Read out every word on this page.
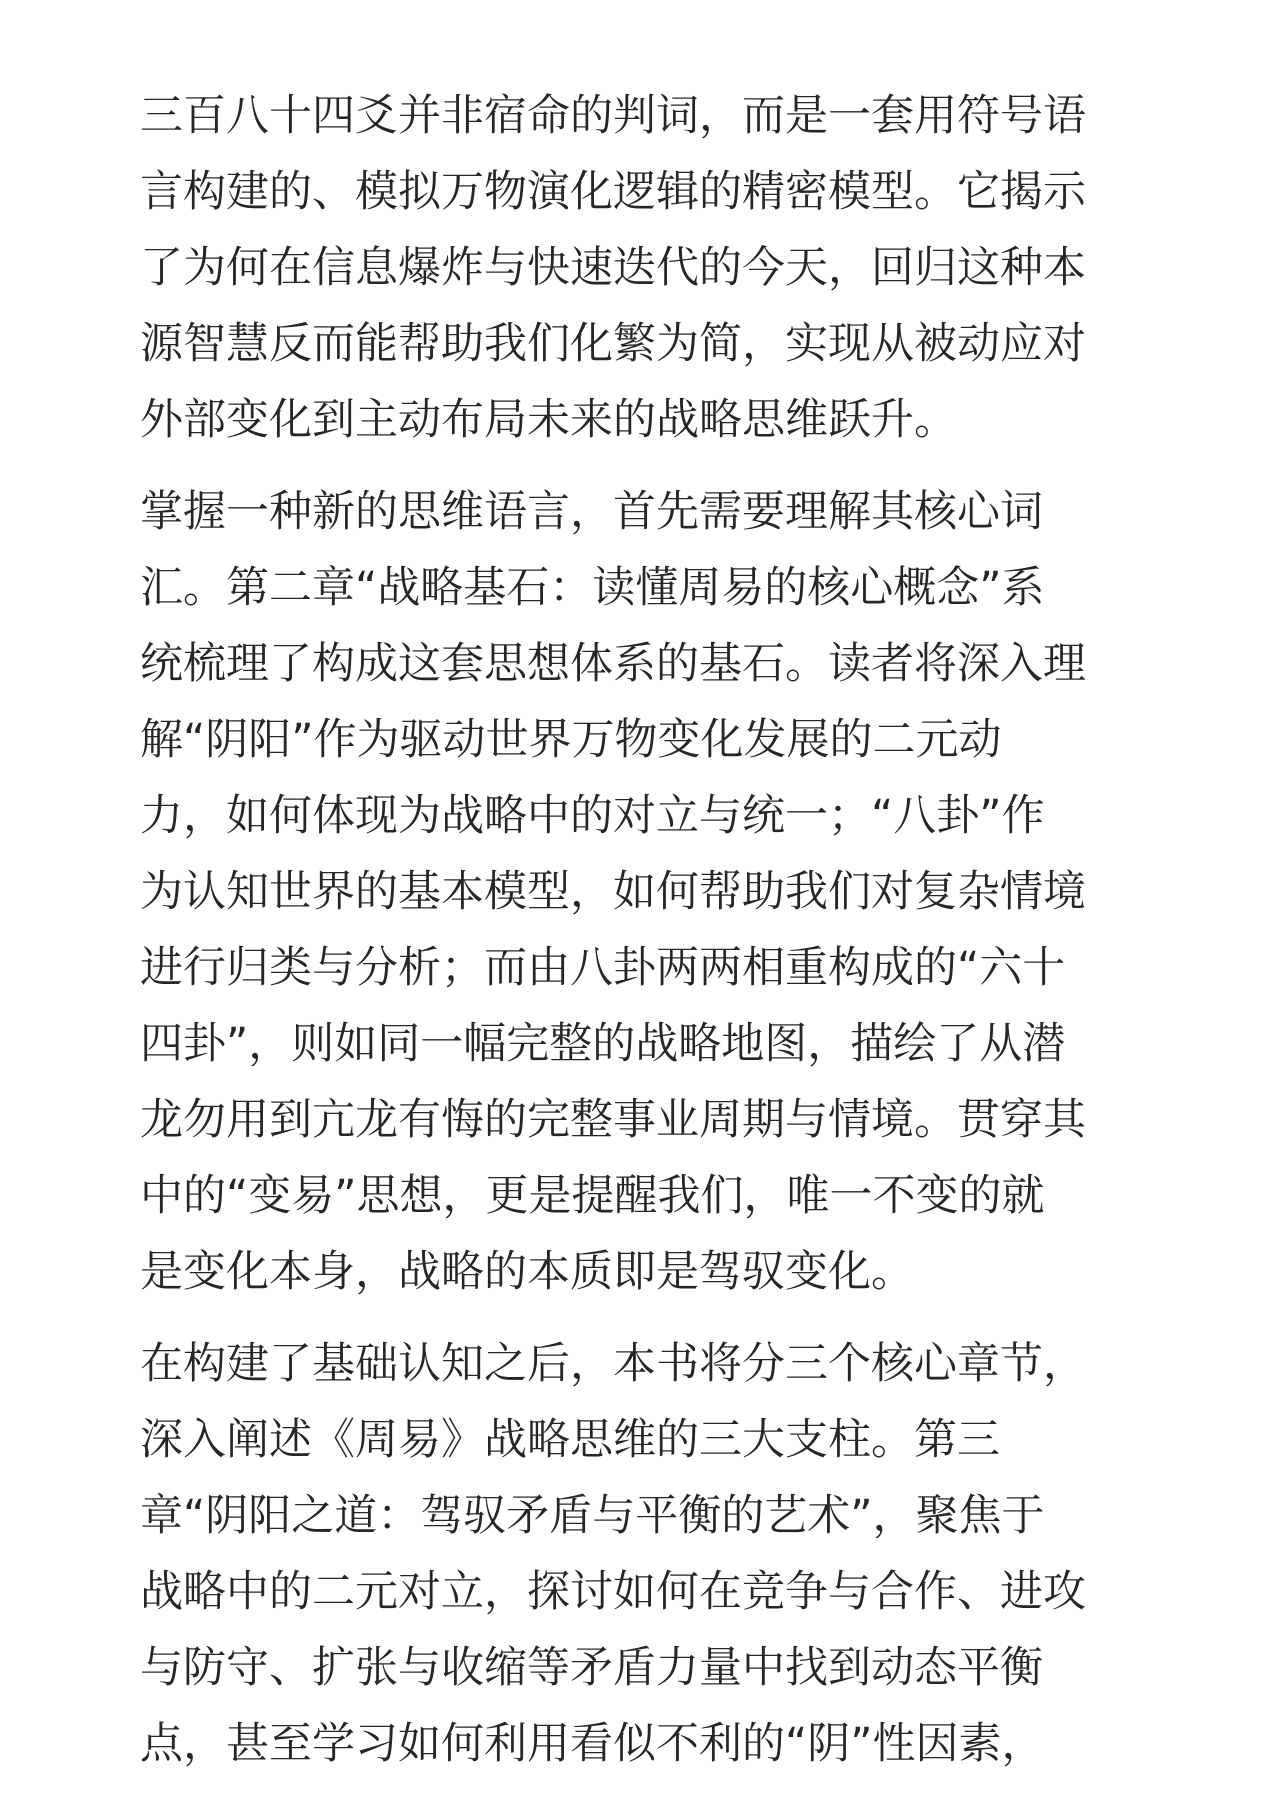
三百八十四爻并非宿命的判词，而是一套用符号语
言构建的、模拟万物演化逻辑的精密模型。它揭示
了为何在信息爆炸与快速迭代的今天，回归这种本
源智慧反而能帮助我们化繁为简，实现从被动应对
外部变化到主动布局未来的战略思维跃升。

掌握一种新的思维语言，首先需要理解其核心词
汇。第二章“战略基石：读懂周易的核心概念”系
统梳理了构成这套思想体系的基石。读者将深入理
解“阴阳”作为驱动世界万物变化发展的二元动
力，如何体现为战略中的对立与统一；“八卦”作
为认知世界的基本模型，如何帮助我们对复杂情境
进行归类与分析；而由八卦两两相重构成的“六十
四卦”，则如同一幅完整的战略地图，描绘了从潜
龙勿用到亢龙有悔的完整事业周期与情境。贯穿其
中的“变易”思想，更是提醒我们，唯一不变的就
是变化本身，战略的本质即是驾驭变化。

在构建了基础认知之后，本书将分三个核心章节，
深入阐述《周易》战略思维的三大支柱。第三
章“阴阳之道：驾驭矛盾与平衡的艺术”，聚焦于
战略中的二元对立，探讨如何在竞争与合作、进攻
与防守、扩张与收缩等矛盾力量中找到动态平衡
点，甚至学习如何利用看似不利的“阴”性因素，
